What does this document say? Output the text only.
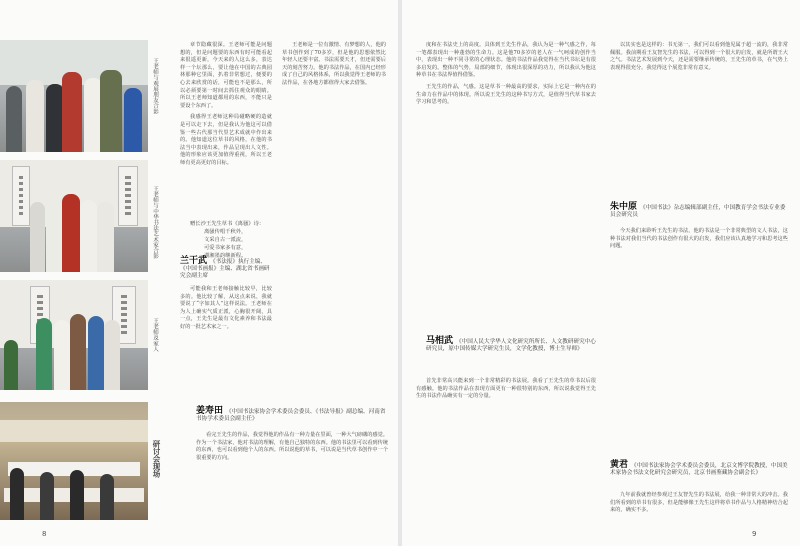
王老师与观展朋友合影
王老师与中华书法艺术家合影
王老师及家人
研讨会现场

章节隐藏很深。王老师可能是问题想的，但是问题要的东西有时可能看起来很遥更新，今天来的人这么多，表达样一个坛那么，要让他在中国的古典园林那种它里面，扒着非常想过，便要的心去来欣赏的话，可能也不是那么，所以必须要第一时间去抓住观众的眼睛。所以王老师知道都用的东西，不能只是要设个东西了。

我感得王老师这种局碰略硬的造就是可以走下去，但是我认为他这可以借鉴一些古代那当代里艺术成就中作出来的。他知道这位草书的风格，在他的书法当中表现出来，作品呈现出人文性。他的形象应该更加值得重视，所以王老师有更高更好的目标。

赠长沙王先生草书《离骚》诗：
离骚传唱千秋外，
文采自古一派流，
可爱书家多有意，
湖湘墨韵继新程。
兰干武 《书法报》执行主编、《中国书画报》主编、湖北省书画研究会副主席

可能我和王老师接触比较早，比较多的。他比较了解，从这点来说，我就要说了“字如其人”这样说法。王老师在为人上确实气质正派，心胸很开阔，具一点，王先生是最有文化素养和书法最好的一批艺术家之一。

王老师是一位有激情、有梦想的人，他的草书创作到了70多岁，但是他的思想依然比年轻人还要丰富。书法需要天才，但还需要后天的刻苦努力。他的书法作品，在国内已经形成了自己的风格体系，所以我觉得王老师的书法作品，在各地方都值得大家去借鉴。

姜寿田 《中国书法家协会学术委员会委员、《书法导报》副总编、河南省书协学术委员会副主任》

看完王先生的作品，我觉得他的作品有一种力量在里面，一种大气磅礴的感觉。作为一个书法家，他对书法的理解，有他自己独特的东西。他的书法里可以看到传统的东西，也可以看到他个人的东西。所以说他的草书，可以说是当代草书创作中一个很重要的方向。

8

度和在书法史上的高度。具体到王先生作品，我认为是一种气感之作，每一笔都表现出一种蓬勃的生命力。这是他70多岁的老人在一气呵成的创作当中，表现出一种不同寻常的心理状态。他的书法作品我觉得在当代书坛是有很多启发的。整体的气势，局部的细节，体现出很深厚的功力，所以我认为他这种草书在书法界值得借鉴。

王先生的作品，气感。这是草书一种最高的要求，实际上它是一种内在的生命力在作品中的体现。所以说王先生的这种书写方式，是值得当代草书家去学习和思考的。

马相武 《中国人民大学华人文化研究所所长、人文教研研究中心研究员，原中国传媒大学研究生员，文学化教授，博士生导师》

首先非常高兴能来到一个非常精彩的书法展。我看了王先生的草书以后很有感触。他的书法作品在表现方面更有一种很特别的东西，所以说我觉得王先生的书法作品确实有一定的分量。

以其实也是这样的：书无第一，我们可以看到他见属于超一流的，我非常佩服。我前期看王友智先生的书法，可以得到一个很大的启发，就是所谓王大之气。书法艺术发展到今天，还是需要继承传统的，王先生的草书，在气势上表现得很充分。我觉得这个展览非常有意义。

朱中原 《中国书法》杂志编辑部副主任，中国教育学会书法专业委员会研究员

今天我们来聆听王先生的书法，他的书法是一个非常典型的文人书法，这种书法对我们当代的书法创作有很大的启发，我们应该认真地学习和思考这些问题。

黄君 《中国书法家协会学术委员会委员，北京文博学院教授，中国美术家协会书法文化研究会研究员，北京书画鉴藏协会副会长》

九年前我就曾经参观过王友智先生的书法展，给我一种非常大的冲击。我们所看到的草书有很多，但是能够像王先生这样将草书作品与人格精神结合起来的，确实不多。

9
